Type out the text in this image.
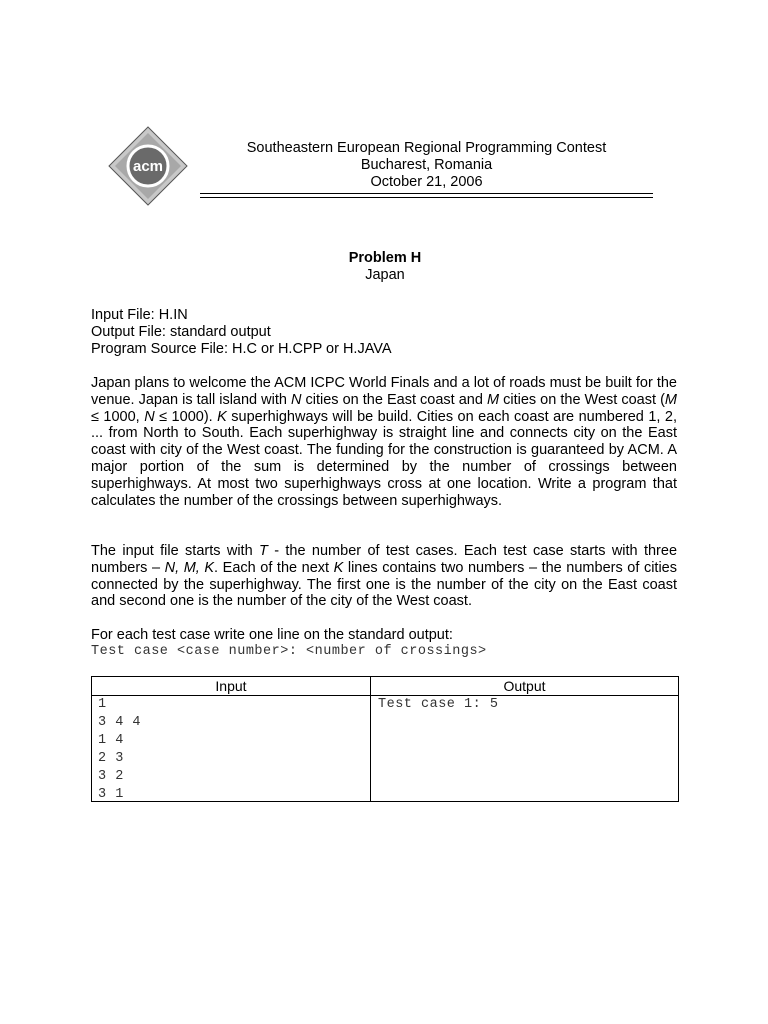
acm
Southeastern European Regional Programming Contest
Bucharest, Romania
October 21, 2006
Problem H
Japan
Input File: H.IN
Output File: standard output
Program Source File: H.C or H.CPP or H.JAVA
Japan plans to welcome the ACM ICPC World Finals and a lot of roads must be built for the venue. Japan is tall island with N cities on the East coast and M cities on the West coast (M ≤ 1000, N ≤ 1000). K superhighways will be build. Cities on each coast are numbered 1, 2, ... from North to South. Each superhighway is straight line and connects city on the East coast with city of the West coast. The funding for the construction is guaranteed by ACM. A major portion of the sum is determined by the number of crossings between superhighways. At most two superhighways cross at one location. Write a program that calculates the number of the crossings between superhighways.
The input file starts with T - the number of test cases. Each test case starts with three numbers – N, M, K. Each of the next K lines contains two numbers – the numbers of cities connected by the superhighway. The first one is the number of the city on the East coast and second one is the number of the city of the West coast.
For each test case write one line on the standard output:
Test case <case number>: <number of crossings>
Input
1
3 4 4
1 4
2 3
3 2
3 1
Output
Test case 1: 5
